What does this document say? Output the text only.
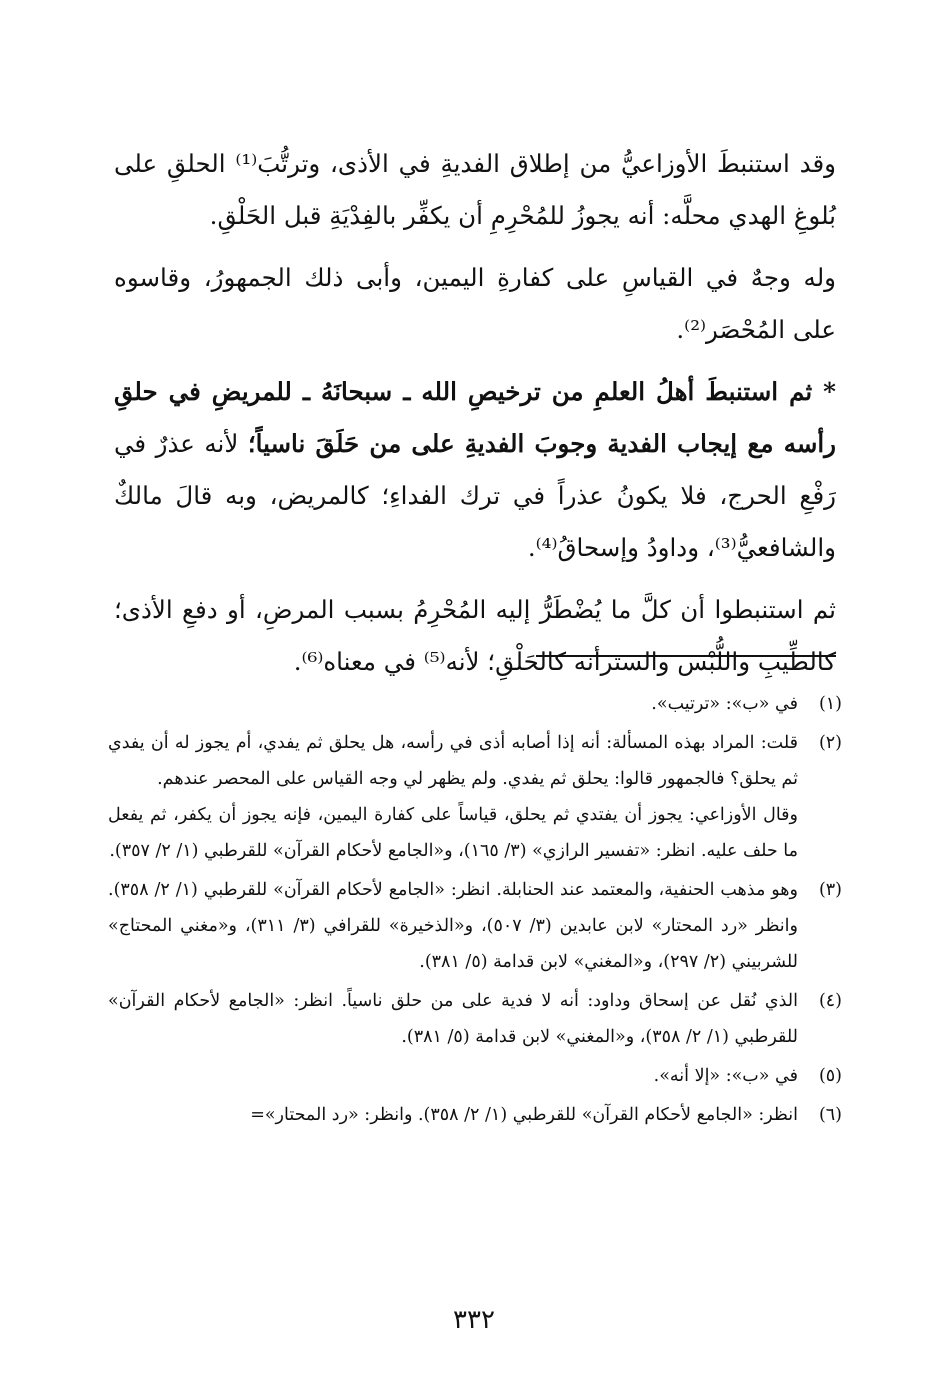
وقد استنبطَ الأوزاعيُّ من إطلاق الفديةِ في الأذى، وترتُّبَ⁽¹⁾ الحلقِ على بُلوغِ الهدي محلَّه: أنه يجوزُ للمُحْرِمِ أن يكفِّر بالفِدْيَةِ قبل الحَلْقِ.

وله وجهٌ في القياسِ على كفارةِ اليمين، وأبى ذلك الجمهورُ، وقاسوه على المُحْصَر⁽²⁾.

* ثم استنبطَ أهلُ العلمِ من ترخيصِ الله ـ سبحانَهُ ـ للمريضِ في حلقِ رأسه مع إيجاب الفدية وجوبَ الفديةِ على من حَلَقَ ناسياً؛ لأنه عذرٌ في رَفْعِ الحرج، فلا يكونُ عذراً في ترك الفداءِ؛ كالمريض، وبه قالَ مالكٌ والشافعيُّ⁽³⁾، وداودُ وإسحاقُ⁽⁴⁾.

ثم استنبطوا أن كلَّ ما يُضْطَرُّ إليه المُحْرِمُ بسبب المرضِ، أو دفعِ الأذى؛ كالطِّيبِ واللُّبْس والسترأنه كالحَلْقِ؛ لأنه⁽⁵⁾ في معناه⁽⁶⁾.

(١)

في «ب»: «ترتيب».

(٢)

قلت: المراد بهذه المسألة: أنه إذا أصابه أذى في رأسه، هل يحلق ثم يفدي، أم يجوز له أن يفدي ثم يحلق؟ فالجمهور قالوا: يحلق ثم يفدي. ولم يظهر لي وجه القياس على المحصر عندهم.

وقال الأوزاعي: يجوز أن يفتدي ثم يحلق، قياساً على كفارة اليمين، فإنه يجوز أن يكفر، ثم يفعل ما حلف عليه. انظر: «تفسير الرازي» (٣/ ١٦٥)، و«الجامع لأحكام القرآن» للقرطبي (١/ ٢/ ٣٥٧).

(٣)

وهو مذهب الحنفية، والمعتمد عند الحنابلة. انظر: «الجامع لأحكام القرآن» للقرطبي (١/ ٢/ ٣٥٨). وانظر «رد المحتار» لابن عابدين (٣/ ٥٠٧)، و«الذخيرة» للقرافي (٣/ ٣١١)، و«مغني المحتاج» للشربيني (٢/ ٢٩٧)، و«المغني» لابن قدامة (٥/ ٣٨١).

(٤)

الذي نُقل عن إسحاق وداود: أنه لا فدية على من حلق ناسياً. انظر: «الجامع لأحكام القرآن» للقرطبي (١/ ٢/ ٣٥٨)، و«المغني» لابن قدامة (٥/ ٣٨١).

(٥)

في «ب»: «إلا أنه».

(٦)

انظر: «الجامع لأحكام القرآن» للقرطبي (١/ ٢/ ٣٥٨). وانظر: «رد المحتار»=

٣٣٢
